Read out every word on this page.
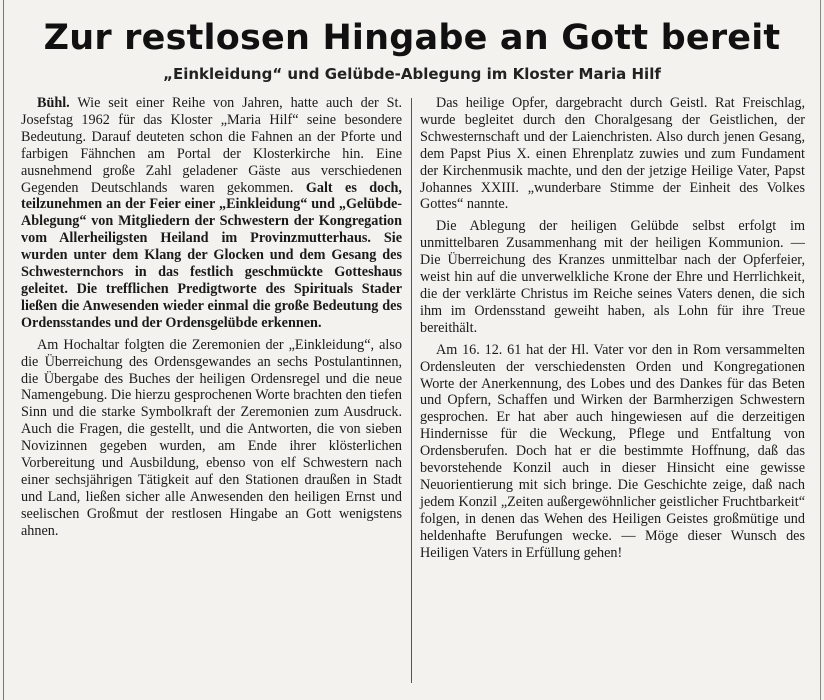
Zur restlosen Hingabe an Gott bereit
„Einkleidung“ und Gelübde-Ablegung im Kloster Maria Hilf

Bühl. Wie seit einer Reihe von Jahren, hatte auch der St. Josefstag 1962 für das Kloster „Maria Hilf“ seine besondere Bedeutung. Darauf deuteten schon die Fahnen an der Pforte und farbigen Fähnchen am Portal der Klosterkirche hin. Eine ausnehmend große Zahl geladener Gäste aus verschiedenen Gegenden Deutschlands waren gekommen. Galt es doch, teilzunehmen an der Feier einer „Einkleidung“ und „Gelübde-Ablegung“ von Mitgliedern der Schwestern der Kongregation vom Allerheiligsten Heiland im Provinzmutterhaus. Sie wurden unter dem Klang der Glocken und dem Gesang des Schwesternchors in das festlich geschmückte Gotteshaus geleitet. Die trefflichen Predigtworte des Spirituals Stader ließen die Anwesenden wieder einmal die große Bedeutung des Ordensstandes und der Ordensgelübde erkennen.

Am Hochaltar folgten die Zeremonien der „Einkleidung“, also die Überreichung des Ordensgewandes an sechs Postulantinnen, die Übergabe des Buches der heiligen Ordensregel und die neue Namengebung. Die hierzu gesprochenen Worte brachten den tiefen Sinn und die starke Symbolkraft der Zeremonien zum Ausdruck. Auch die Fragen, die gestellt, und die Antworten, die von sieben Novizinnen gegeben wurden, am Ende ihrer klösterlichen Vorbereitung und Ausbildung, ebenso von elf Schwestern nach einer sechsjährigen Tätigkeit auf den Stationen draußen in Stadt und Land, ließen sicher alle Anwesenden den heiligen Ernst und seelischen Großmut der restlosen Hingabe an Gott wenigstens ahnen.

Das heilige Opfer, dargebracht durch Geistl. Rat Freischlag, wurde begleitet durch den Choralgesang der Geistlichen, der Schwesternschaft und der Laienchristen. Also durch jenen Gesang, dem Papst Pius X. einen Ehrenplatz zuwies und zum Fundament der Kirchenmusik machte, und den der jetzige Heilige Vater, Papst Johannes XXIII. „wunderbare Stimme der Einheit des Volkes Gottes“ nannte.

Die Ablegung der heiligen Gelübde selbst erfolgt im unmittelbaren Zusammenhang mit der heiligen Kommunion. — Die Überreichung des Kranzes unmittelbar nach der Opferfeier, weist hin auf die unverwelkliche Krone der Ehre und Herrlichkeit, die der verklärte Christus im Reiche seines Vaters denen, die sich ihm im Ordensstand geweiht haben, als Lohn für ihre Treue bereithält.

Am 16. 12. 61 hat der Hl. Vater vor den in Rom versammelten Ordensleuten der verschiedensten Orden und Kongregationen Worte der Anerkennung, des Lobes und des Dankes für das Beten und Opfern, Schaffen und Wirken der Barmherzigen Schwestern gesprochen. Er hat aber auch hingewiesen auf die derzeitigen Hindernisse für die Weckung, Pflege und Entfaltung von Ordensberufen. Doch hat er die bestimmte Hoffnung, daß das bevorstehende Konzil auch in dieser Hinsicht eine gewisse Neuorientierung mit sich bringe. Die Geschichte zeige, daß nach jedem Konzil „Zeiten außergewöhnlicher geistlicher Fruchtbarkeit“ folgen, in denen das Wehen des Heiligen Geistes großmütige und heldenhafte Berufungen wecke. — Möge dieser Wunsch des Heiligen Vaters in Erfüllung gehen!
